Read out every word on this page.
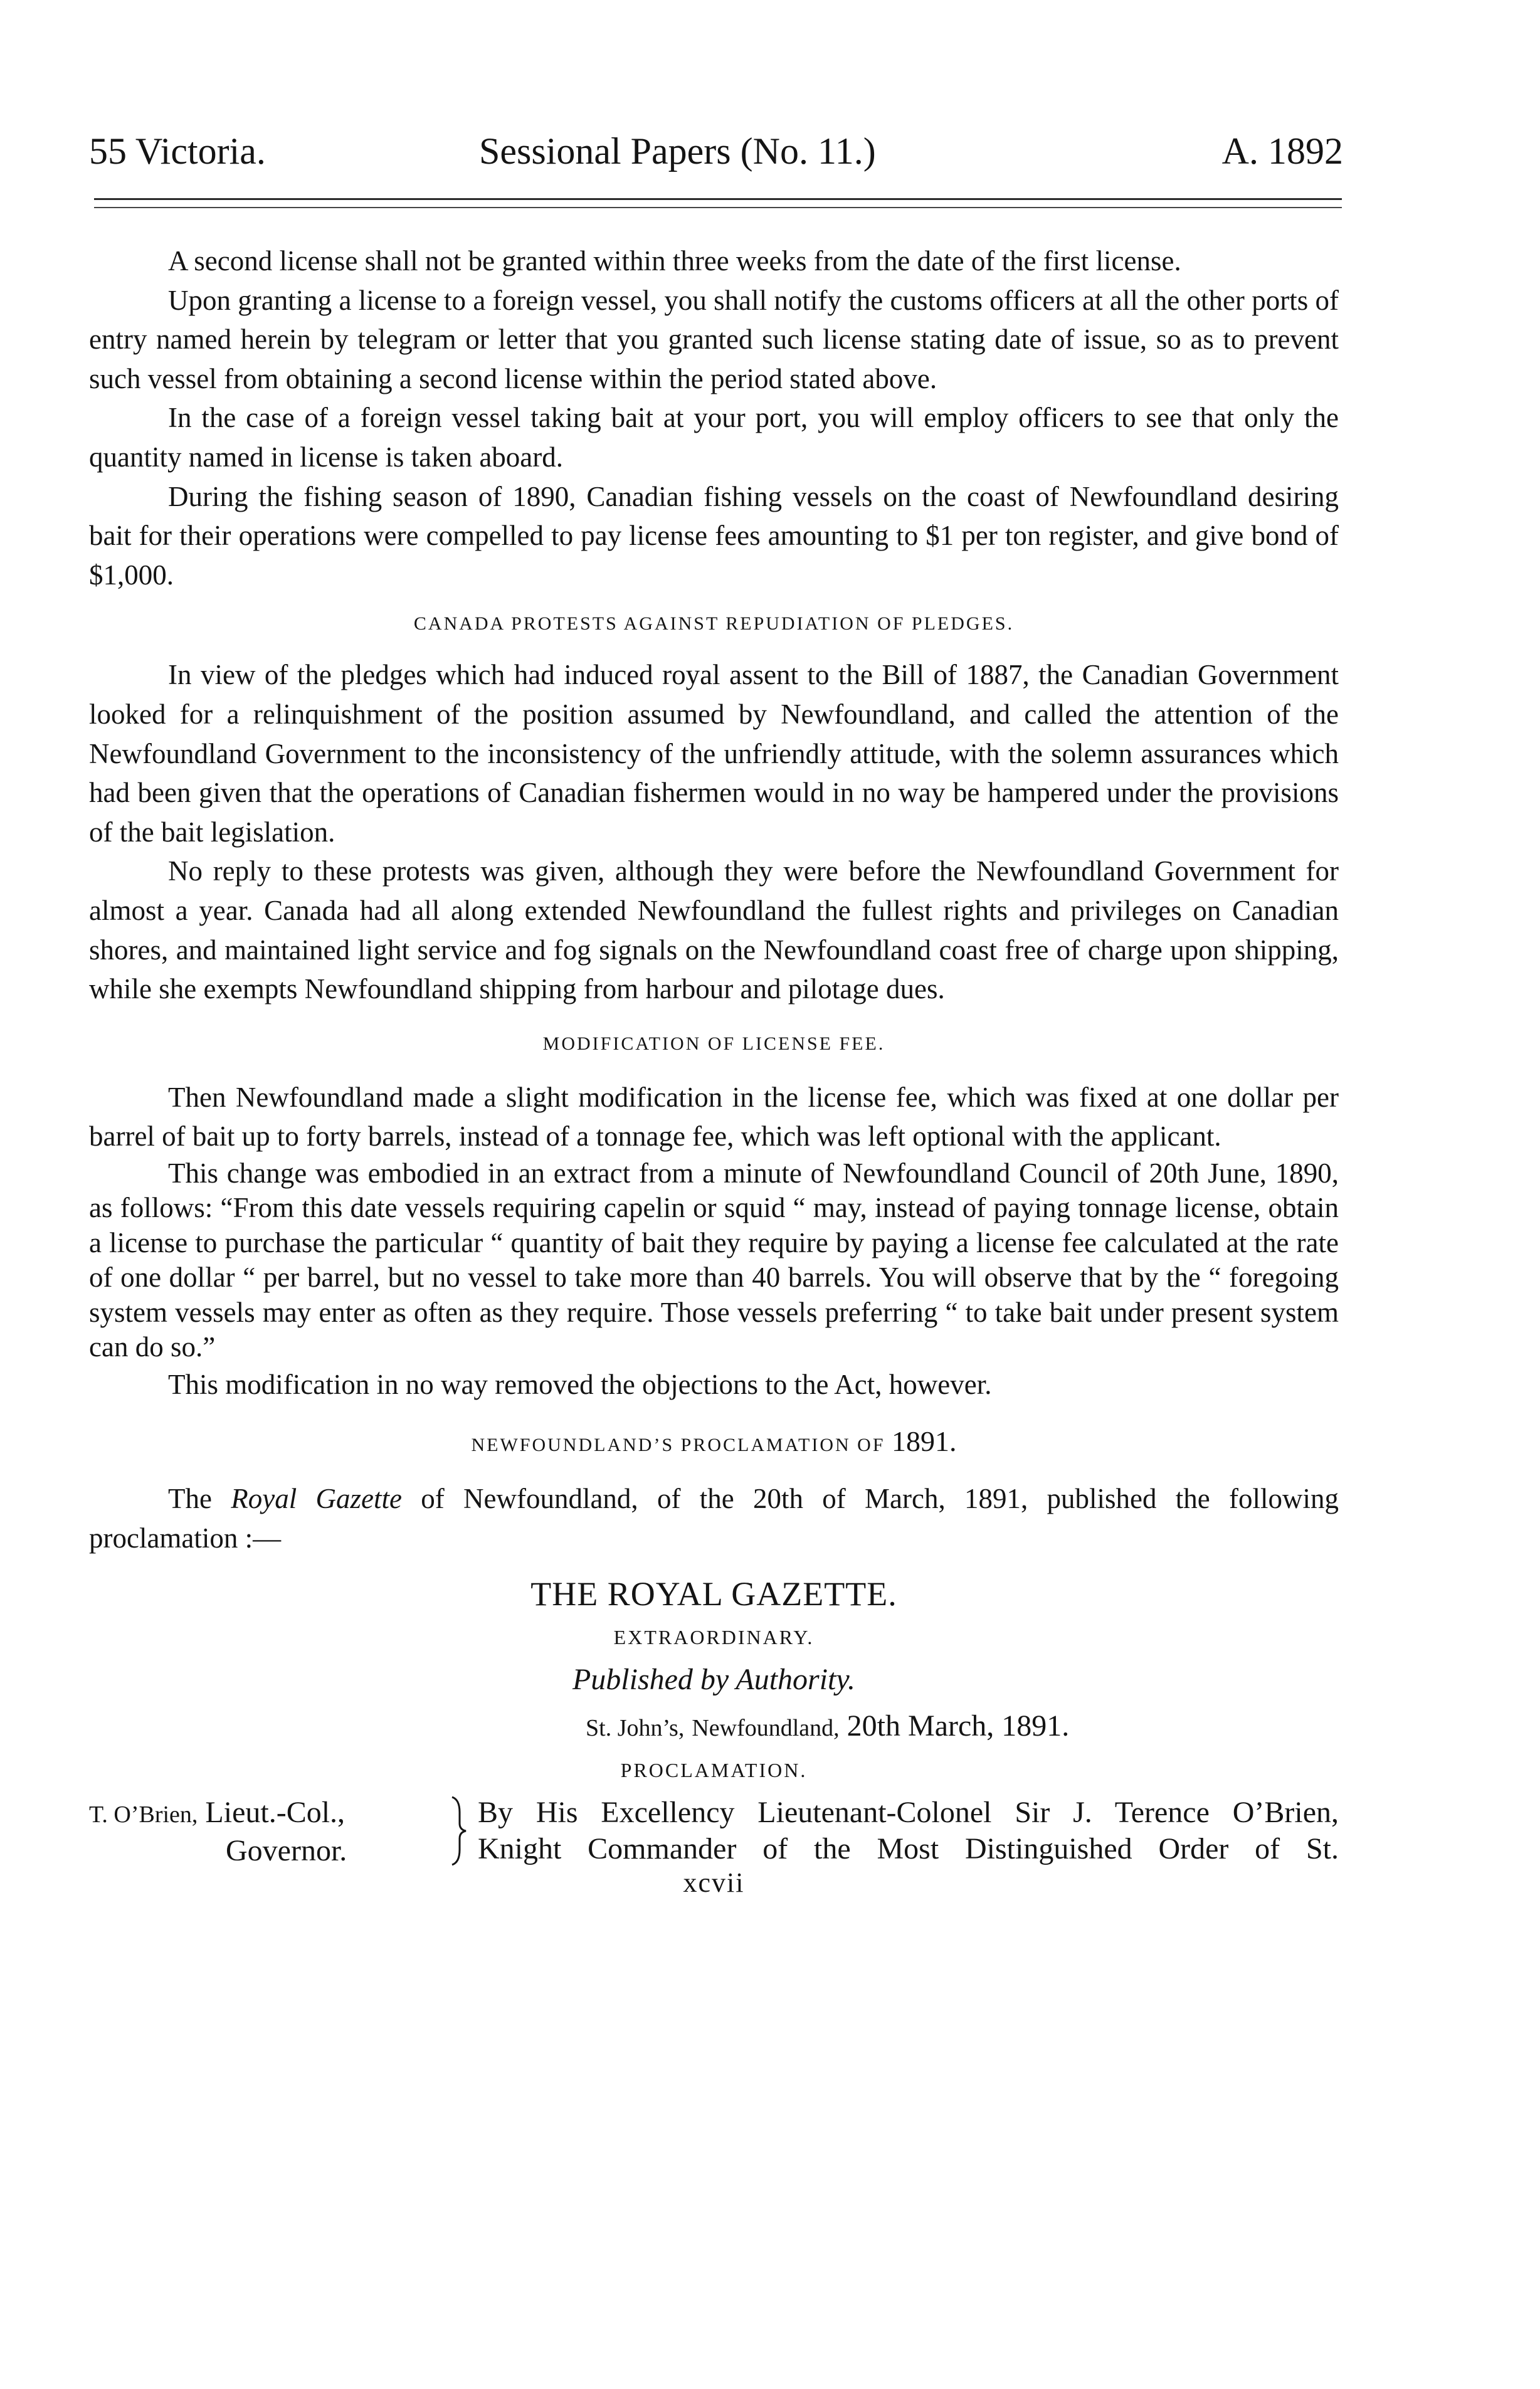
55 Victoria.	Sessional Papers (No. 11.)	A. 1892

A second license shall not be granted within three weeks from the date of the first license.

Upon granting a license to a foreign vessel, you shall notify the customs officers at all the other ports of entry named herein by telegram or letter that you granted such license stating date of issue, so as to prevent such vessel from obtaining a second license within the period stated above.

In the case of a foreign vessel taking bait at your port, you will employ officers to see that only the quantity named in license is taken aboard.

During the fishing season of 1890, Canadian fishing vessels on the coast of Newfoundland desiring bait for their operations were compelled to pay license fees amounting to $1 per ton register, and give bond of $1,000.

CANADA PROTESTS AGAINST REPUDIATION OF PLEDGES.

In view of the pledges which had induced royal assent to the Bill of 1887, the Canadian Government looked for a relinquishment of the position assumed by Newfoundland, and called the attention of the Newfoundland Government to the inconsistency of the unfriendly attitude, with the solemn assurances which had been given that the operations of Canadian fishermen would in no way be hampered under the provisions of the bait legislation.

No reply to these protests was given, although they were before the Newfoundland Government for almost a year. Canada had all along extended Newfoundland the fullest rights and privileges on Canadian shores, and maintained light service and fog signals on the Newfoundland coast free of charge upon shipping, while she exempts Newfoundland shipping from harbour and pilotage dues.

MODIFICATION OF LICENSE FEE.

Then Newfoundland made a slight modification in the license fee, which was fixed at one dollar per barrel of bait up to forty barrels, instead of a tonnage fee, which was left optional with the applicant.

This change was embodied in an extract from a minute of Newfoundland Council of 20th June, 1890, as follows: “From this date vessels requiring capelin or squid “ may, instead of paying tonnage license, obtain a license to purchase the particular “ quantity of bait they require by paying a license fee calculated at the rate of one dollar “ per barrel, but no vessel to take more than 40 barrels. You will observe that by the “ foregoing system vessels may enter as often as they require. Those vessels preferring “ to take bait under present system can do so.”

This modification in no way removed the objections to the Act, however.

NEWFOUNDLAND’S PROCLAMATION OF 1891.

The Royal Gazette of Newfoundland, of the 20th of March, 1891, published the following proclamation :—

THE ROYAL GAZETTE.
EXTRAORDINARY.
Published by Authority.
St. John’s, Newfoundland, 20th March, 1891.
PROCLAMATION.
T. O’Brien, Lieut.-Col.,
Governor.
By His Excellency Lieutenant-Colonel Sir J. Terence O’Brien,
Knight Commander of the Most Distinguished Order of St.
xcvii
